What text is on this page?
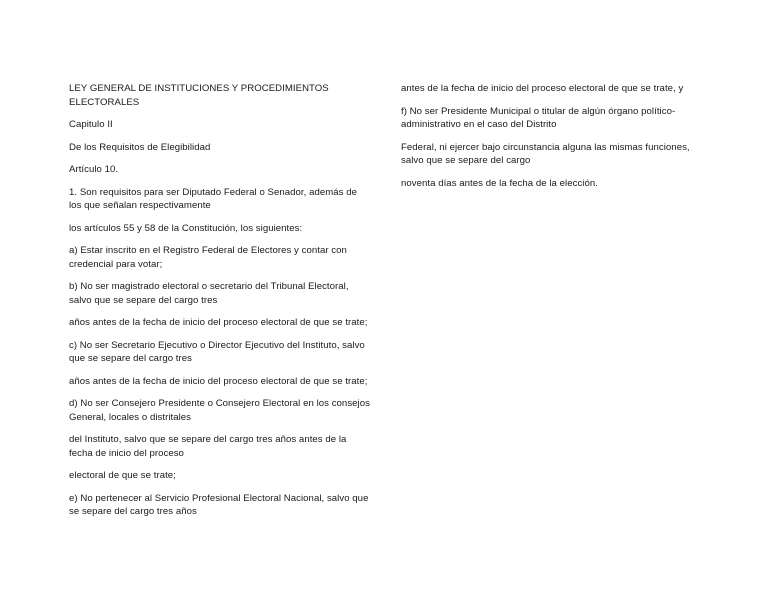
LEY GENERAL DE INSTITUCIONES Y PROCEDIMIENTOS ELECTORALES

Capitulo II

De los Requisitos de Elegibilidad

Artículo 10.

1. Son requisitos para ser Diputado Federal o Senador, además de los que señalan respectivamente

los artículos 55 y 58 de la Constitución, los siguientes:

a) Estar inscrito en el Registro Federal de Electores y contar con credencial para votar;

b) No ser magistrado electoral o secretario del Tribunal Electoral, salvo que se separe del cargo tres

años antes de la fecha de inicio del proceso electoral de que se trate;

c) No ser Secretario Ejecutivo o Director Ejecutivo del Instituto, salvo que se separe del cargo tres

años antes de la fecha de inicio del proceso electoral de que se trate;

d) No ser Consejero Presidente o Consejero Electoral en los consejos General, locales o distritales

del Instituto, salvo que se separe del cargo tres años antes de la fecha de inicio del proceso

electoral de que se trate;

e) No pertenecer al Servicio Profesional Electoral Nacional, salvo que se separe del cargo tres años

antes de la fecha de inicio del proceso electoral de que se trate, y

f) No ser Presidente Municipal o titular de algún órgano político-administrativo en el caso del Distrito

Federal, ni ejercer bajo circunstancia alguna las mismas funciones, salvo que se separe del cargo

noventa días antes de la fecha de la elección.
